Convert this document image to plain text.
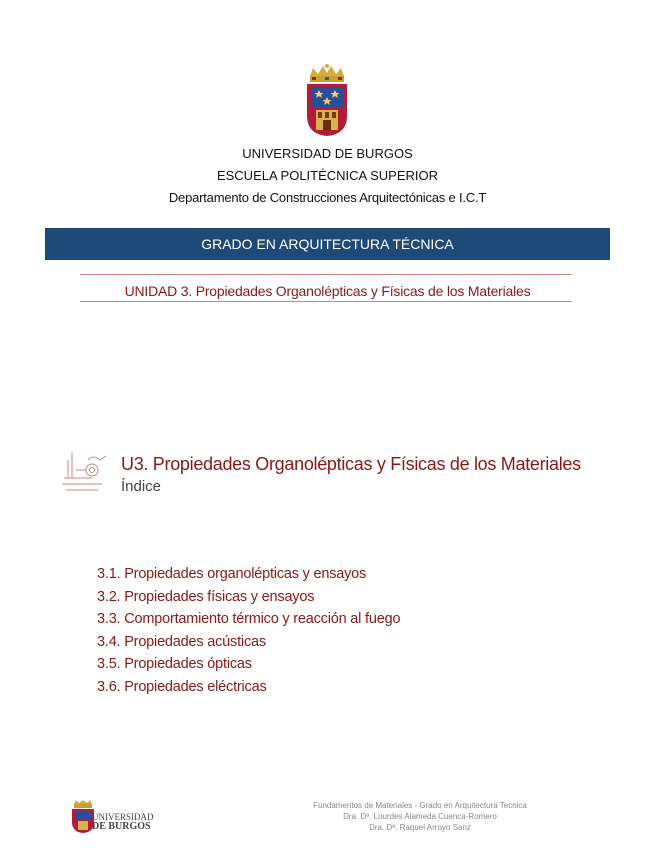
UNIVERSIDAD DE BURGOS
ESCUELA POLITÉCNICA SUPERIOR
Departamento de Construcciones Arquitectónicas e I.C.T
GRADO EN ARQUITECTURA TÉCNICA
UNIDAD 3. Propiedades Organolépticas y Físicas de los Materiales
U3. Propiedades Organolépticas y Físicas de los Materiales
Índice
3.1. Propiedades organolépticas y ensayos
3.2. Propiedades físicas y ensayos
3.3. Comportamiento térmico y reacción al fuego
3.4. Propiedades acústicas
3.5. Propiedades ópticas
3.6. Propiedades eléctricas
UNIVERSIDAD
DE BURGOS
Fundamentos de Materiales - Grado en Arquitectura Tecnica
Dra. Dª. Lourdes Alameda Cuenca-Romero
Dra. Dª. Raquel Arroyo Sanz
